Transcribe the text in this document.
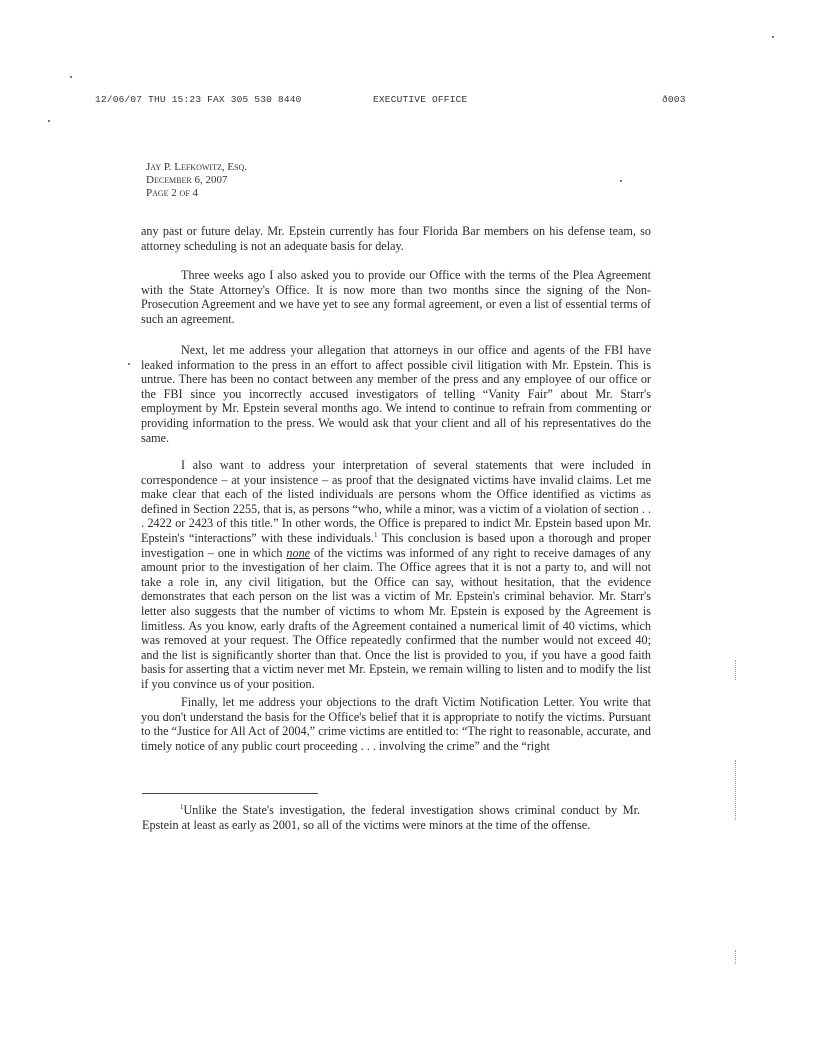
12/06/07 THU 15:23 FAX 305 530 8440	EXECUTIVE OFFICE	ð003
Jay P. Lefkowitz, Esq.
December 6, 2007
Page 2 of 4
any past or future delay. Mr. Epstein currently has four Florida Bar members on his defense team, so attorney scheduling is not an adequate basis for delay.
Three weeks ago I also asked you to provide our Office with the terms of the Plea Agreement with the State Attorney's Office. It is now more than two months since the signing of the Non-Prosecution Agreement and we have yet to see any formal agreement, or even a list of essential terms of such an agreement.
Next, let me address your allegation that attorneys in our office and agents of the FBI have leaked information to the press in an effort to affect possible civil litigation with Mr. Epstein. This is untrue. There has been no contact between any member of the press and any employee of our office or the FBI since you incorrectly accused investigators of telling “Vanity Fair” about Mr. Starr's employment by Mr. Epstein several months ago. We intend to continue to refrain from commenting or providing information to the press. We would ask that your client and all of his representatives do the same.
I also want to address your interpretation of several statements that were included in correspondence – at your insistence – as proof that the designated victims have invalid claims. Let me make clear that each of the listed individuals are persons whom the Office identified as victims as defined in Section 2255, that is, as persons “who, while a minor, was a victim of a violation of section . . . 2422 or 2423 of this title.” In other words, the Office is prepared to indict Mr. Epstein based upon Mr. Epstein's “interactions” with these individuals.$^1$ This conclusion is based upon a thorough and proper investigation – one in which none of the victims was informed of any right to receive damages of any amount prior to the investigation of her claim. The Office agrees that it is not a party to, and will not take a role in, any civil litigation, but the Office can say, without hesitation, that the evidence demonstrates that each person on the list was a victim of Mr. Epstein's criminal behavior. Mr. Starr's letter also suggests that the number of victims to whom Mr. Epstein is exposed by the Agreement is limitless. As you know, early drafts of the Agreement contained a numerical limit of 40 victims, which was removed at your request. The Office repeatedly confirmed that the number would not exceed 40; and the list is significantly shorter than that. Once the list is provided to you, if you have a good faith basis for asserting that a victim never met Mr. Epstein, we remain willing to listen and to modify the list if you convince us of your position.
Finally, let me address your objections to the draft Victim Notification Letter. You write that you don't understand the basis for the Office's belief that it is appropriate to notify the victims. Pursuant to the “Justice for All Act of 2004,” crime victims are entitled to: “The right to reasonable, accurate, and timely notice of any public court proceeding . . . involving the crime” and the “right
$^1$Unlike the State's investigation, the federal investigation shows criminal conduct by Mr. Epstein at least as early as 2001, so all of the victims were minors at the time of the offense.
